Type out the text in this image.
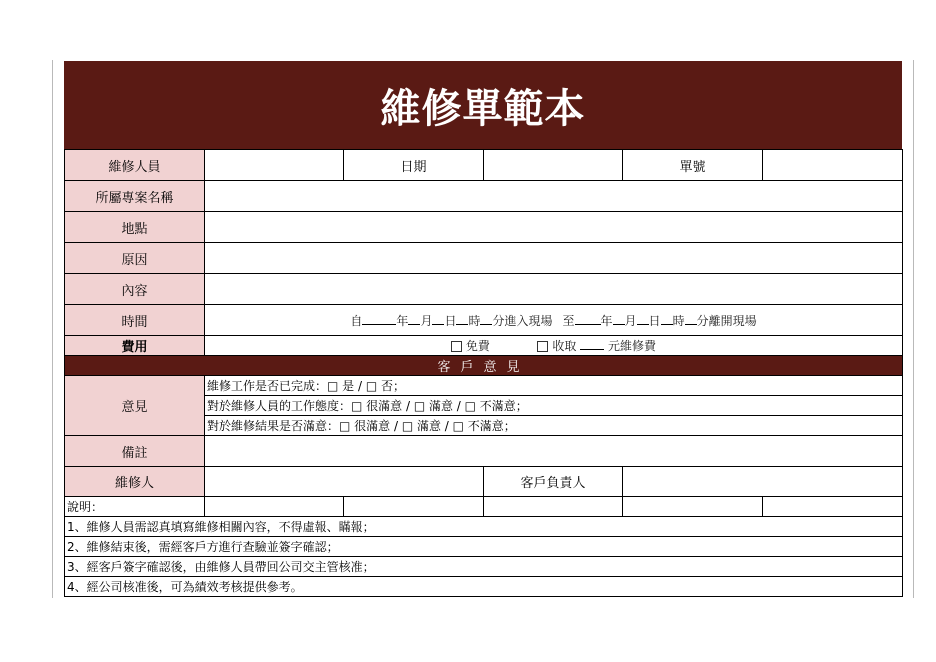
維修單範本
維修人員		日期		單號	
所屬專案名稱					
地點					
原因					
內容					
時間	自 年 月 日 時 分進入現場 至 年 月 日 時 分離開現場				
費用	免費 收取 元維修費				
客戶意見					
意見	維修工作是否已完成：□ 是 / □ 否；				
	對於維修人員的工作態度：□ 很滿意 / □ 滿意 / □ 不滿意；				
	對於維修結果是否滿意：□ 很滿意 / □ 滿意 / □ 不滿意；				
備註					
維修人			客戶負責人		
說明：					
1、維修人員需認真填寫維修相關內容，不得虛報、瞞報；					
2、維修結束後，需經客戶方進行查驗並簽字確認；					
3、經客戶簽字確認後，由維修人員帶回公司交主管核准；					
4、經公司核准後，可為績效考核提供參考。					
